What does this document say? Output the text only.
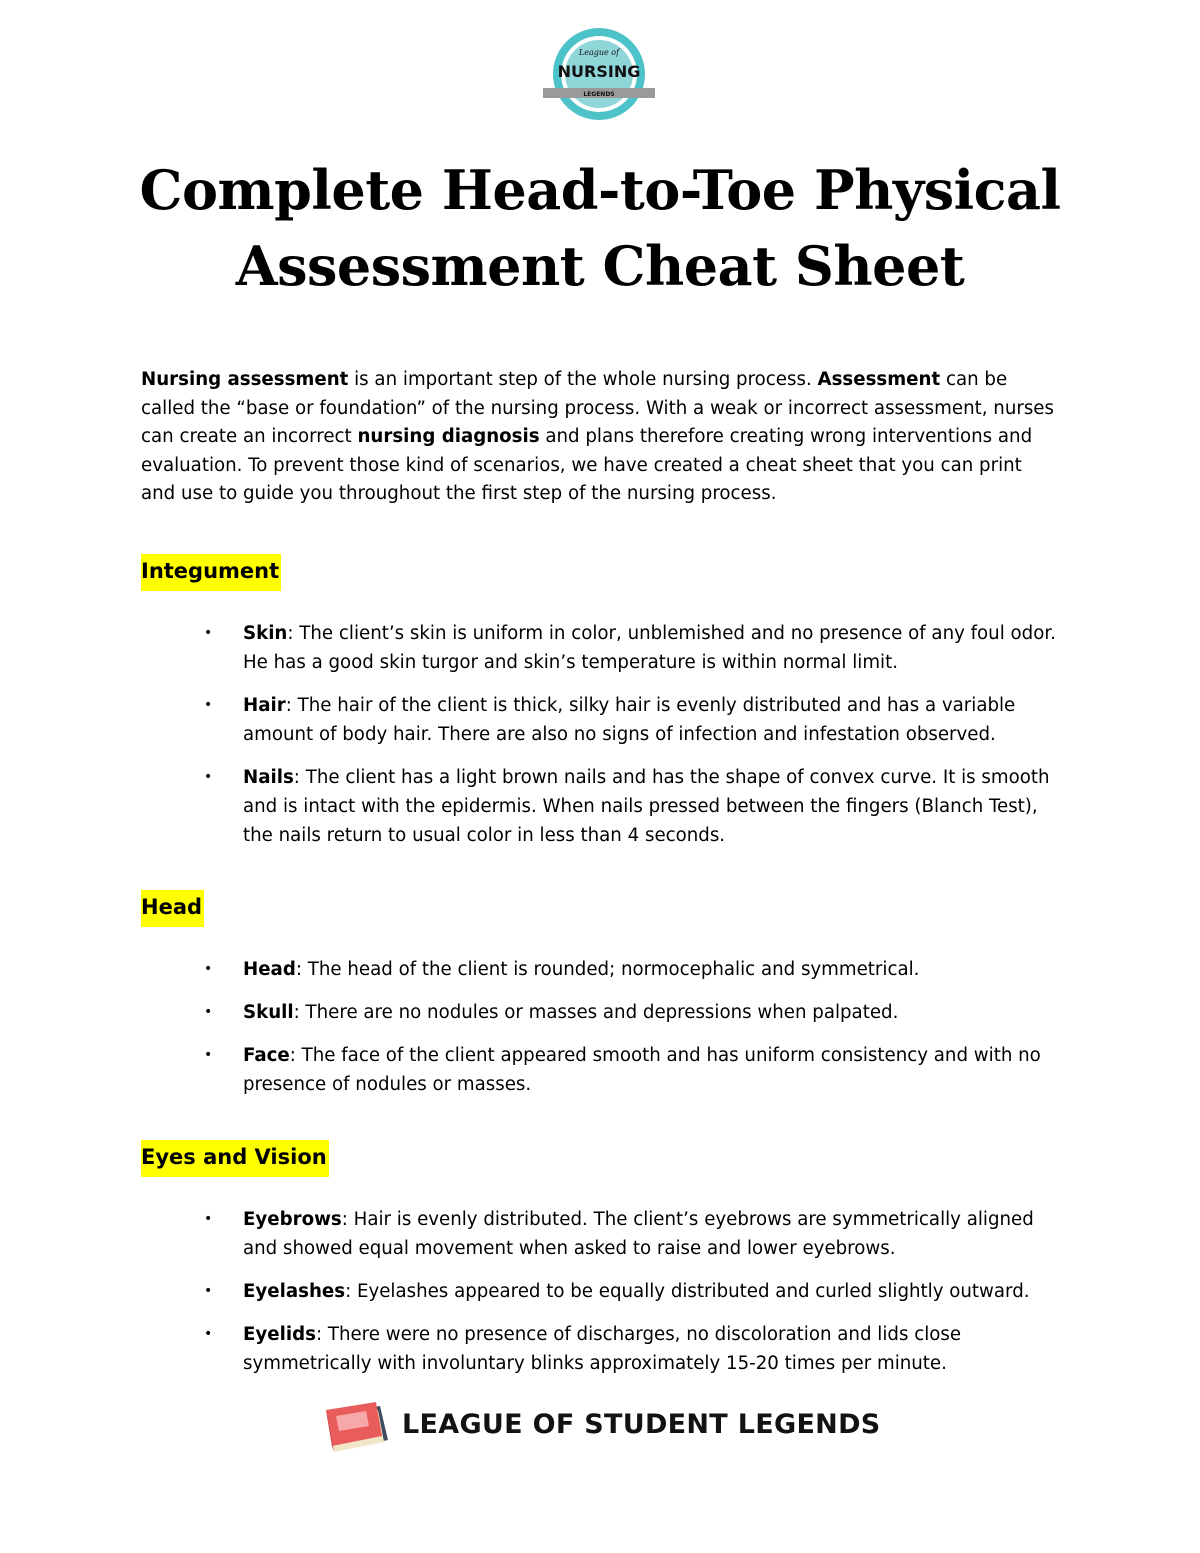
League of
NURSING
LEGENDS
Complete Head-to-Toe Physical
Assessment Cheat Sheet

Nursing assessment is an important step of the whole nursing process. Assessment can be called the “base or foundation” of the nursing process. With a weak or incorrect assessment, nurses can create an incorrect nursing diagnosis and plans therefore creating wrong interventions and evaluation. To prevent those kind of scenarios, we have created a cheat sheet that you can print and use to guide you throughout the first step of the nursing process.

Integument
• Skin: The client’s skin is uniform in color, unblemished and no presence of any foul odor. He has a good skin turgor and skin’s temperature is within normal limit.
• Hair: The hair of the client is thick, silky hair is evenly distributed and has a variable amount of body hair. There are also no signs of infection and infestation observed.
• Nails: The client has a light brown nails and has the shape of convex curve. It is smooth and is intact with the epidermis. When nails pressed between the fingers (Blanch Test), the nails return to usual color in less than 4 seconds.
Head
• Head: The head of the client is rounded; normocephalic and symmetrical.
• Skull: There are no nodules or masses and depressions when palpated.
• Face: The face of the client appeared smooth and has uniform consistency and with no presence of nodules or masses.
Eyes and Vision
• Eyebrows: Hair is evenly distributed. The client’s eyebrows are symmetrically aligned and showed equal movement when asked to raise and lower eyebrows.
• Eyelashes: Eyelashes appeared to be equally distributed and curled slightly outward.
• Eyelids: There were no presence of discharges, no discoloration and lids close symmetrically with involuntary blinks approximately 15-20 times per minute.

LEAGUE OF STUDENT LEGENDS
